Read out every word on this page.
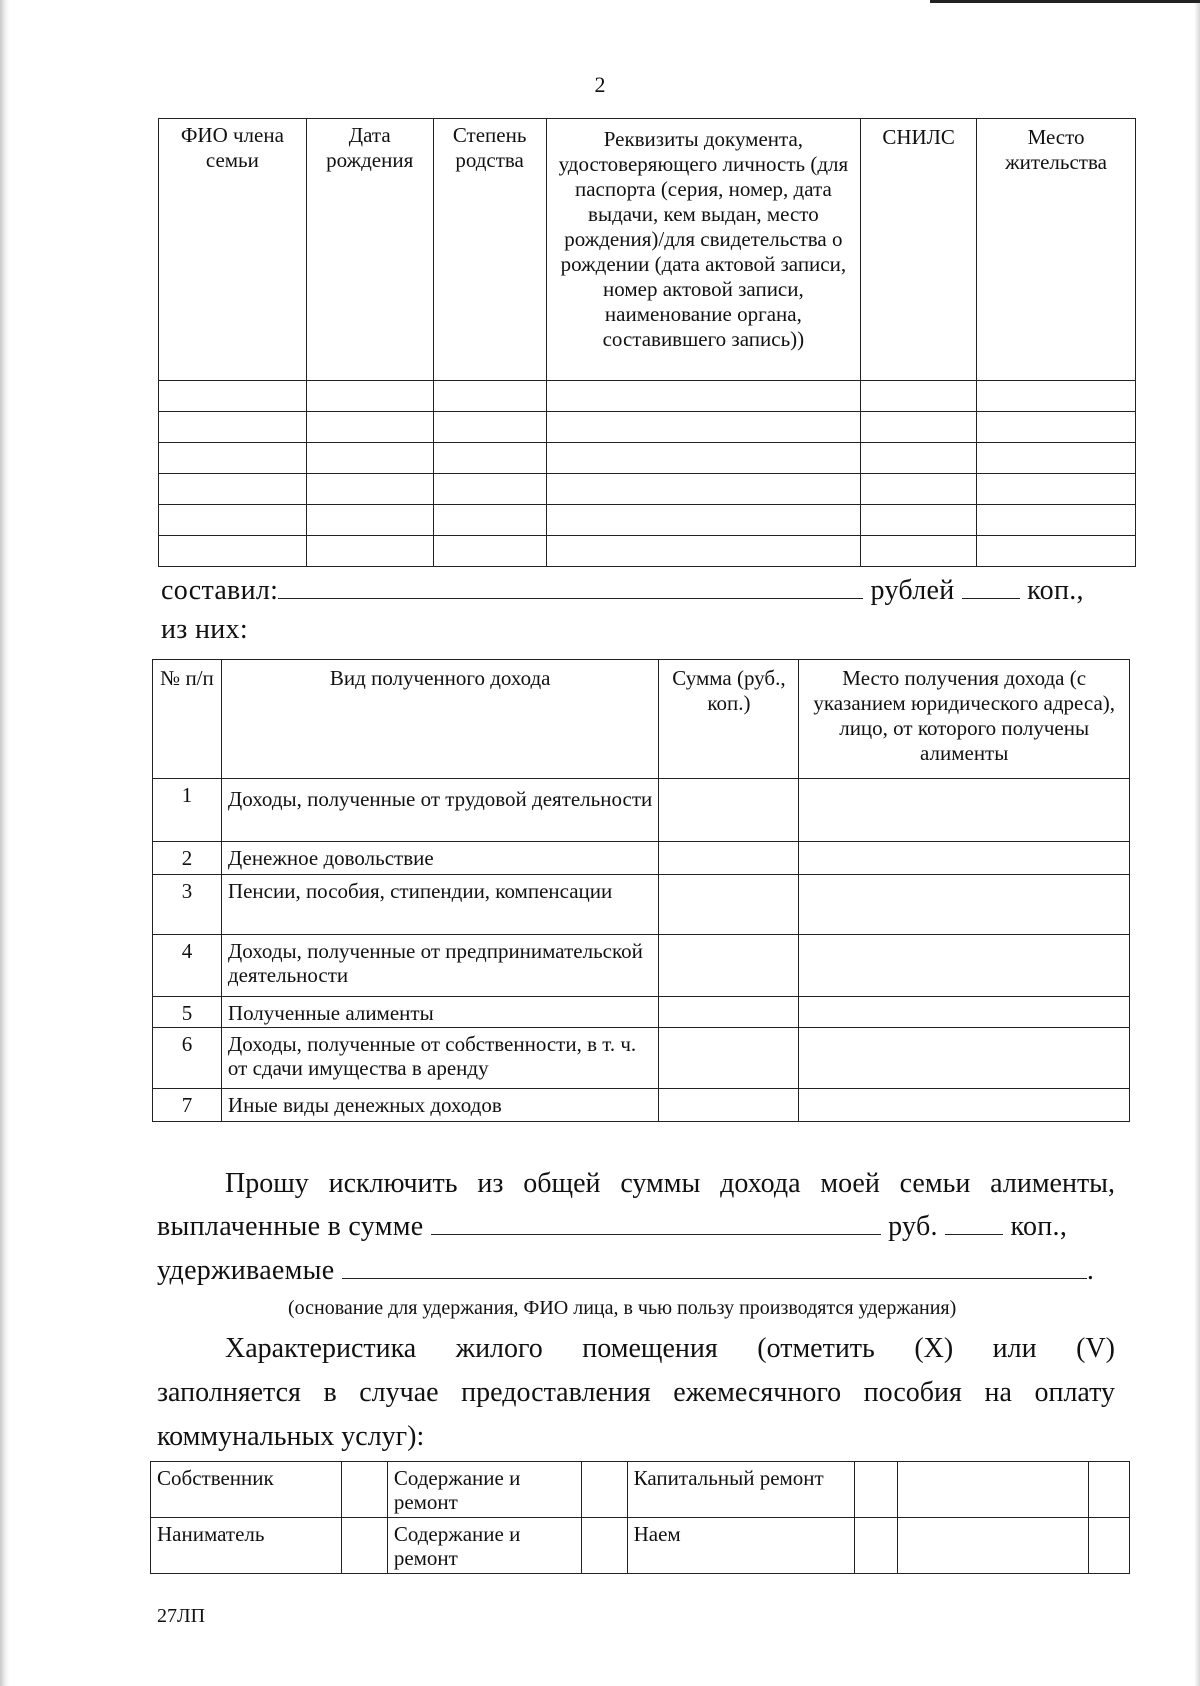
2
ФИО члена семьи	Дата рождения	Степень родства	Реквизиты документа, удостоверяющего личность (для паспорта (серия, номер, дата выдачи, кем выдан, место рождения)/для свидетельства о рождении (дата актовой записи, номер актовой записи, наименование органа, составившего запись))	СНИЛС	Место жительства

составил:	рублей	коп.,
из них:
№ п/п	Вид полученного дохода	Сумма (руб., коп.)	Место получения дохода (с указанием юридического адреса), лицо, от которого получены алименты
1	Доходы, полученные от трудовой деятельности		
2	Денежное довольствие		
3	Пенсии, пособия, стипендии, компенсации		
4	Доходы, полученные от предпринимательской деятельности		
5	Полученные алименты		
6	Доходы, полученные от собственности, в т. ч. от сдачи имущества в аренду		
7	Иные виды денежных доходов		
Прошу исключить из общей суммы дохода моей семьи алименты,
выплаченные в сумме	руб.	коп.,
удерживаемые	.
(основание для удержания, ФИО лица, в чью пользу производятся удержания)
Характеристика жилого помещения (отметить (Х) или (V)
заполняется в случае предоставления ежемесячного пособия на оплату
коммунальных услуг):
Собственник		Содержание и ремонт		Капитальный ремонт			
Наниматель		Содержание и ремонт		Наем			
27ЛП
